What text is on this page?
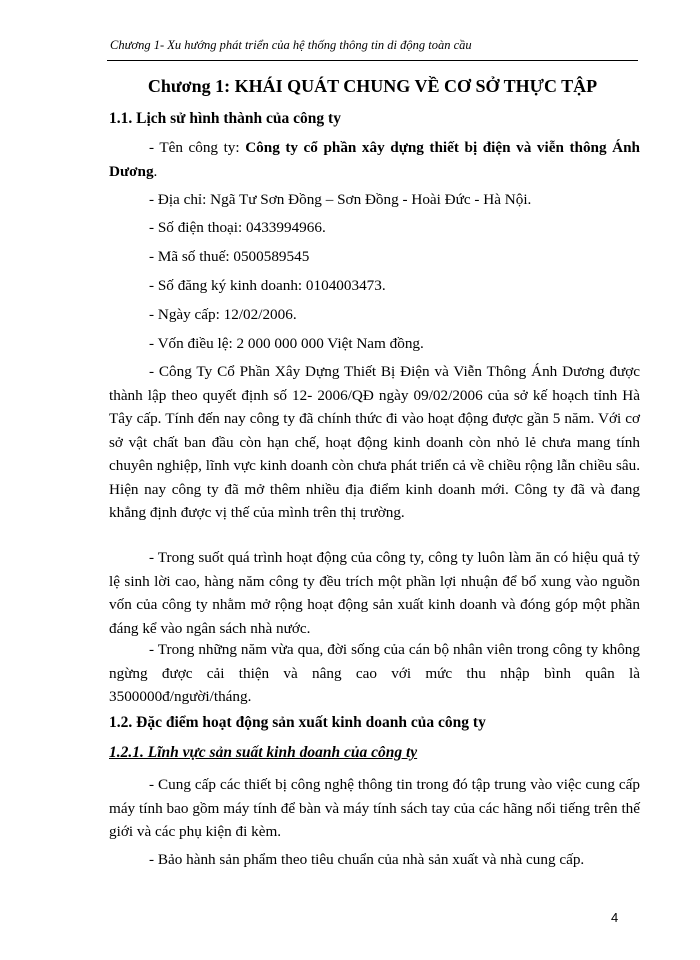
Chương 1- Xu hướng phát triển của hệ thống thông tin di động toàn cầu
Chương 1: KHÁI QUÁT CHUNG VỀ CƠ SỞ THỰC TẬP
1.1. Lịch sử hình thành của công ty
- Tên công ty: Công ty cổ phần xây dựng thiết bị điện và viễn thông Ánh Dương.
- Địa chỉ: Ngã Tư Sơn Đồng – Sơn Đồng - Hoài Đức - Hà Nội.
- Số điện thoại: 0433994966.
- Mã số thuế: 0500589545
- Số đăng ký kinh doanh: 0104003473.
- Ngày cấp: 12/02/2006.
- Vốn điều lệ: 2 000 000 000 Việt Nam đồng.
- Công Ty Cổ Phần Xây Dựng Thiết Bị Điện và Viễn Thông Ánh Dương được thành lập theo quyết định số 12- 2006/QĐ ngày 09/02/2006 của sở kế hoạch tỉnh Hà Tây cấp. Tính đến nay công ty đã chính thức đi vào hoạt động được gần 5 năm. Với cơ sở vật chất ban đầu còn hạn chế, hoạt động kinh doanh còn nhỏ lẻ chưa mang tính chuyên nghiệp, lĩnh vực kinh doanh còn chưa phát triển cả về chiều rộng lẫn chiều sâu. Hiện nay công ty đã mở thêm nhiều địa điểm kinh doanh mới. Công ty đã và đang khẳng định được vị thế của mình trên thị trường.
- Trong suốt quá trình hoạt động của công ty, công ty luôn làm ăn có hiệu quả tỷ lệ sinh lời cao, hàng năm công ty đều trích một phần lợi nhuận để bổ xung vào nguồn vốn của công ty nhằm mở rộng hoạt động sản xuất kinh doanh và đóng góp một phần đáng kể vào ngân sách nhà nước.
- Trong những năm vừa qua, đời sống của cán bộ nhân viên trong công ty không ngừng được cải thiện và nâng cao với mức thu nhập bình quân là 3500000đ/người/tháng.
1.2. Đặc điểm hoạt động sản xuất kinh doanh của công ty
1.2.1. Lĩnh vực sản suất kinh doanh của công ty
- Cung cấp các thiết bị công nghệ thông tin trong đó tập trung vào việc cung cấp máy tính bao gồm máy tính để bàn và máy tính sách tay của các hãng nổi tiếng trên thế giới và các phụ kiện đi kèm.
- Bảo hành sản phẩm theo tiêu chuẩn của nhà sản xuất và nhà cung cấp.
4
